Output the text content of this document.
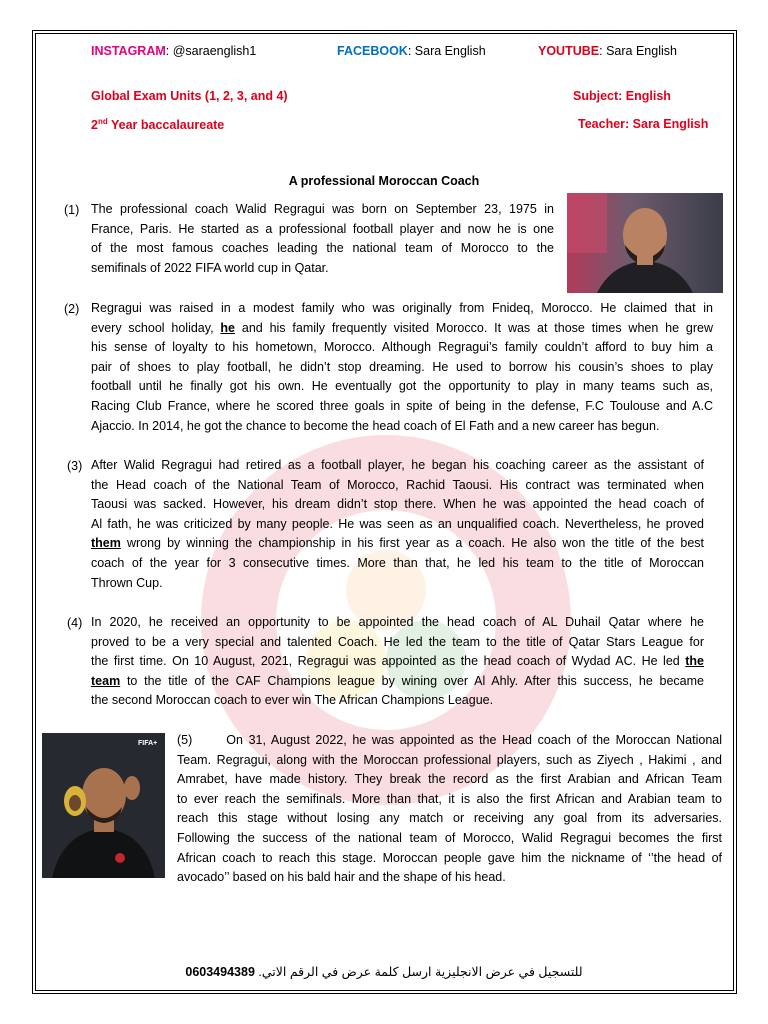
INSTAGRAM: @saraenglish1	FACEBOOK: Sara English	YOUTUBE: Sara English
Global Exam Units (1, 2, 3, and 4)	Subject: English
2nd Year baccalaureate	Teacher: Sara English
A professional Moroccan Coach
FIFA+
(1) The professional coach Walid Regragui was born on September 23, 1975 in
France, Paris. He started as a professional football player and now he is one
of the most famous coaches leading the national team of Morocco to the
semifinals of 2022 FIFA world cup in Qatar.
(2) Regragui was raised in a modest family who was originally from Fnideq, Morocco. He claimed that in
every school holiday, he and his family frequently visited Morocco. It was at those times when he grew
his sense of loyalty to his hometown, Morocco. Although Regragui’s family couldn’t afford to buy him a
pair of shoes to play football, he didn’t stop dreaming. He used to borrow his cousin’s shoes to play
football until he finally got his own. He eventually got the opportunity to play in many teams such as,
Racing Club France, where he scored three goals in spite of being in the defense, F.C Toulouse and A.C
Ajaccio. In 2014, he got the chance to become the head coach of El Fath and a new career has begun.
(3) After Walid Regragui had retired as a football player, he began his coaching career as the assistant of
the Head coach of the National Team of Morocco, Rachid Taousi. His contract was terminated when
Taousi was sacked. However, his dream didn’t stop there. When he was appointed the head coach of
Al fath, he was criticized by many people. He was seen as an unqualified coach. Nevertheless, he proved
them wrong by winning the championship in his first year as a coach. He also won the title of the best
coach of the year for 3 consecutive times. More than that, he led his team to the title of Moroccan
Thrown Cup.
(4) In 2020, he received an opportunity to be appointed the head coach of AL Duhail Qatar where he
proved to be a very special and talented Coach. He led the team to the title of Qatar Stars League for
the first time. On 10 August, 2021, Regragui was appointed as the head coach of Wydad AC. He led the
team to the title of the CAF Champions league by wining over Al Ahly. After this success, he became
the second Moroccan coach to ever win The African Champions League.
(5)	On 31, August 2022, he was appointed as the Head coach of the Moroccan National
Team. Regragui, along with the Moroccan professional players, such as Ziyech , Hakimi , and
Amrabet, have made history. They break the record as the first Arabian and African Team
to ever reach the semifinals. More than that, it is also the first African and Arabian team to
reach this stage without losing any match or receiving any goal from its adversaries.
Following the success of the national team of Morocco, Walid Regragui becomes the first
African coach to reach this stage. Moroccan people gave him the nickname of ‘’the head of
avocado’’ based on his bald hair and the shape of his head.
0603494389 للتسجيل في عرض الانجليزية ارسل كلمة عرض في الرقم الاتي.
